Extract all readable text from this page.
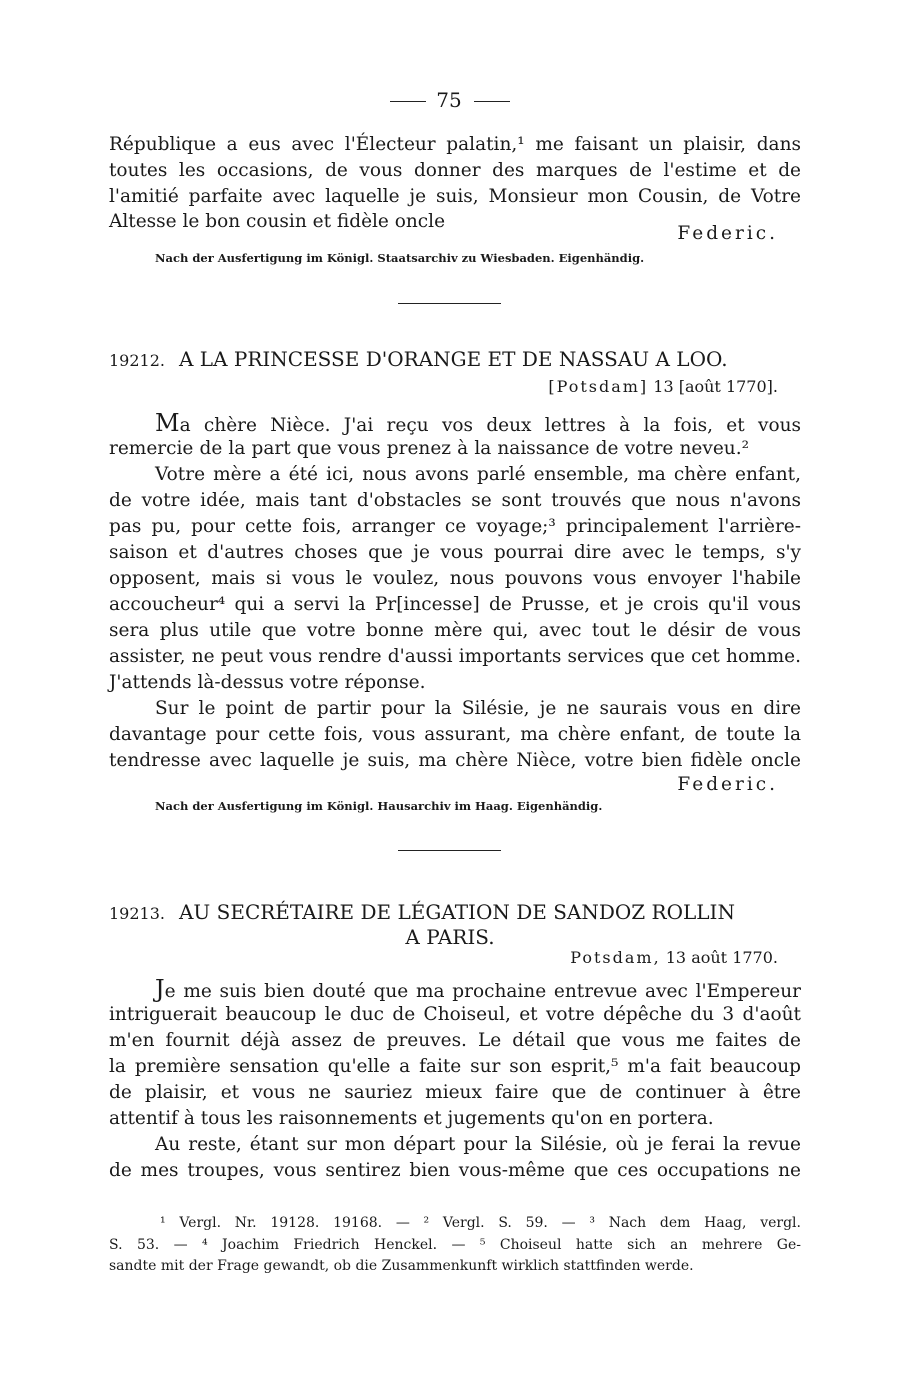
75
République a eus avec l'Électeur palatin,¹ me faisant un plaisir, dans
toutes les occasions, de vous donner des marques de l'estime et de
l'amitié parfaite avec laquelle je suis, Monsieur mon Cousin, de Votre
Altesse le bon cousin et fidèle oncle
Federic.
Nach der Ausfertigung im Königl. Staatsarchiv zu Wiesbaden. Eigenhändig.
19212. A LA PRINCESSE D'ORANGE ET DE NASSAU A LOO.
[Potsdam] 13 [août 1770].
Ma chère Nièce. J'ai reçu vos deux lettres à la fois, et vous
remercie de la part que vous prenez à la naissance de votre neveu.²
Votre mère a été ici, nous avons parlé ensemble, ma chère enfant,
de votre idée, mais tant d'obstacles se sont trouvés que nous n'avons
pas pu, pour cette fois, arranger ce voyage;³ principalement l'arrière-
saison et d'autres choses que je vous pourrai dire avec le temps, s'y
opposent, mais si vous le voulez, nous pouvons vous envoyer l'habile
accoucheur⁴ qui a servi la Pr[incesse] de Prusse, et je crois qu'il vous
sera plus utile que votre bonne mère qui, avec tout le désir de vous
assister, ne peut vous rendre d'aussi importants services que cet homme.
J'attends là-dessus votre réponse.
Sur le point de partir pour la Silésie, je ne saurais vous en dire
davantage pour cette fois, vous assurant, ma chère enfant, de toute la
tendresse avec laquelle je suis, ma chère Nièce, votre bien fidèle oncle
Federic.
Nach der Ausfertigung im Königl. Hausarchiv im Haag. Eigenhändig.
19213. AU SECRÉTAIRE DE LÉGATION DE SANDOZ ROLLIN
A PARIS.
Potsdam, 13 août 1770.
Je me suis bien douté que ma prochaine entrevue avec l'Empereur
intriguerait beaucoup le duc de Choiseul, et votre dépêche du 3 d'août
m'en fournit déjà assez de preuves. Le détail que vous me faites de
la première sensation qu'elle a faite sur son esprit,⁵ m'a fait beaucoup
de plaisir, et vous ne sauriez mieux faire que de continuer à être
attentif à tous les raisonnements et jugements qu'on en portera.
Au reste, étant sur mon départ pour la Silésie, où je ferai la revue
de mes troupes, vous sentirez bien vous-même que ces occupations ne
¹ Vergl. Nr. 19128. 19168. — ² Vergl. S. 59. — ³ Nach dem Haag, vergl.
S. 53. — ⁴ Joachim Friedrich Henckel. — ⁵ Choiseul hatte sich an mehrere Ge-
sandte mit der Frage gewandt, ob die Zusammenkunft wirklich stattfinden werde.
